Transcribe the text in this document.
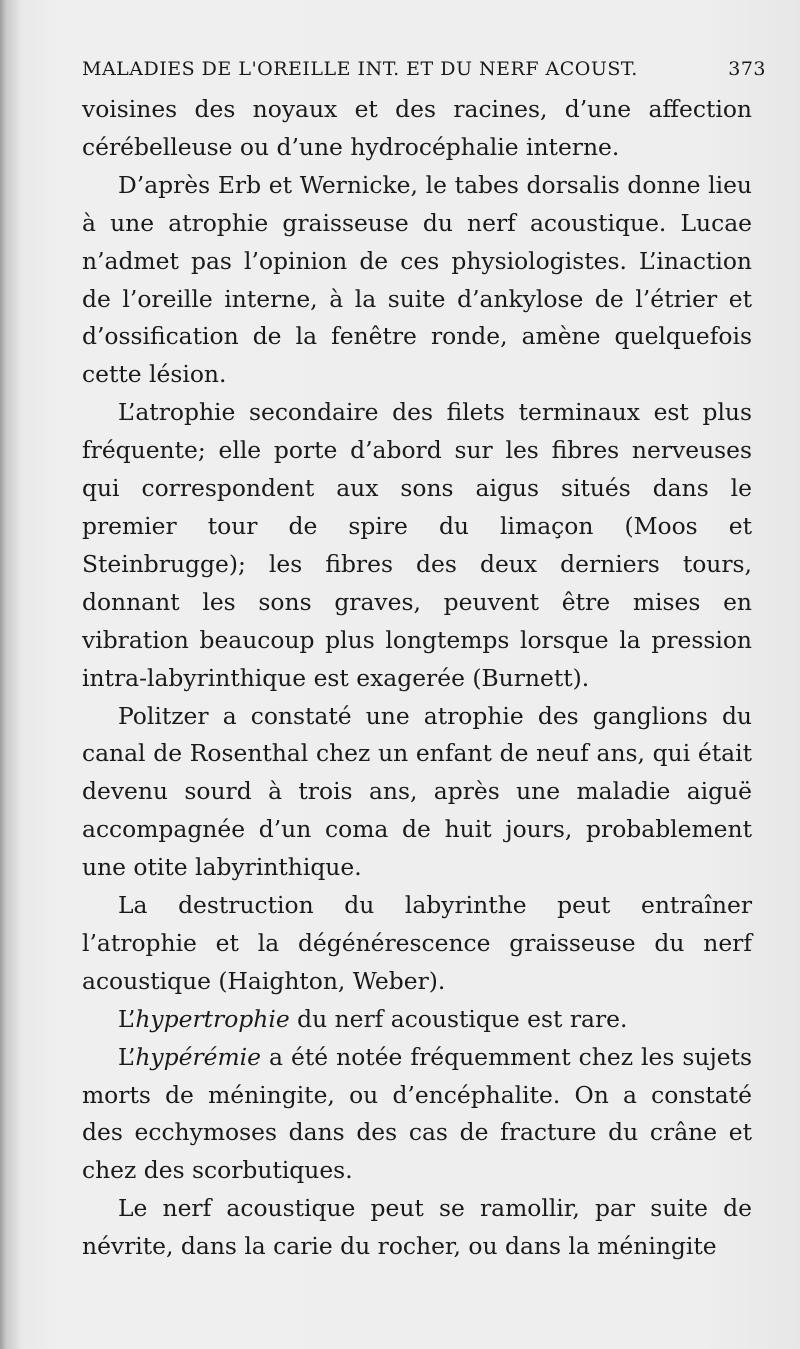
MALADIES DE L'OREILLE INT. ET DU NERF ACOUST.	373

voisines des noyaux et des racines, d’une affection cérébelleuse ou d’une hydrocéphalie interne.

D’après Erb et Wernicke, le tabes dorsalis donne lieu à une atrophie graisseuse du nerf acoustique. Lucae n’admet pas l’opinion de ces physiologistes. L’inaction de l’oreille interne, à la suite d’ankylose de l’étrier et d’ossification de la fenêtre ronde, amène quelquefois cette lésion.

L’atrophie secondaire des filets terminaux est plus fréquente; elle porte d’abord sur les fibres nerveuses qui correspondent aux sons aigus situés dans le premier tour de spire du limaçon (Moos et Steinbrugge); les fibres des deux derniers tours, donnant les sons graves, peuvent être mises en vibration beaucoup plus longtemps lorsque la pression intra-labyrinthique est exagerée (Burnett).

Politzer a constaté une atrophie des ganglions du canal de Rosenthal chez un enfant de neuf ans, qui était devenu sourd à trois ans, après une maladie aiguë accompagnée d’un coma de huit jours, probablement une otite labyrinthique.

La destruction du labyrinthe peut entraîner l’atrophie et la dégénérescence graisseuse du nerf acoustique (Haighton, Weber).

L’hypertrophie du nerf acoustique est rare.

L’hypérémie a été notée fréquemment chez les sujets morts de méningite, ou d’encéphalite. On a constaté des ecchymoses dans des cas de fracture du crâne et chez des scorbutiques.

Le nerf acoustique peut se ramollir, par suite de névrite, dans la carie du rocher, ou dans la méningite
